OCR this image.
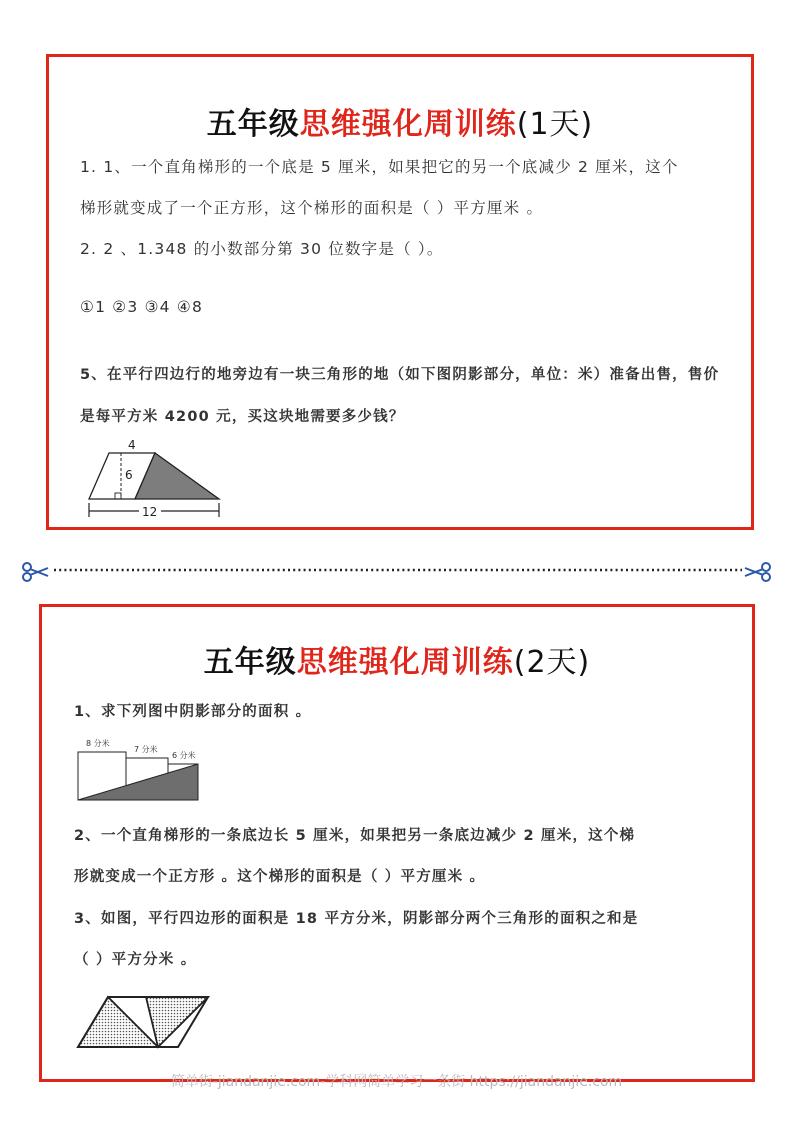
五年级思维强化周训练(1天)
1. 1、一个直角梯形的一个底是 5 厘米，如果把它的另一个底减少 2 厘米，这个
梯形就变成了一个正方形，这个梯形的面积是（ ）平方厘米 。
2. 2 、1.348 的小数部分第 30 位数字是（ ）。
①1 ②3 ③4 ④8
5、在平行四边行的地旁边有一块三角形的地（如下图阴影部分，单位：米）准备出售，售价
是每平方米 4200 元，买这块地需要多少钱？
4
6
12
五年级思维强化周训练(2天)
1、求下列图中阴影部分的面积 。
8 分米
7 分米
6 分米
2、一个直角梯形的一条底边长 5 厘米，如果把另一条底边减少 2 厘米，这个梯
形就变成一个正方形 。这个梯形的面积是（ ）平方厘米 。
3、如图，平行四边形的面积是 18 平方分米，阴影部分两个三角形的面积之和是
（ ）平方分米 。
简单街-jiandanjie.com-学科网简单学习一条街 https://jiandanjie.com
